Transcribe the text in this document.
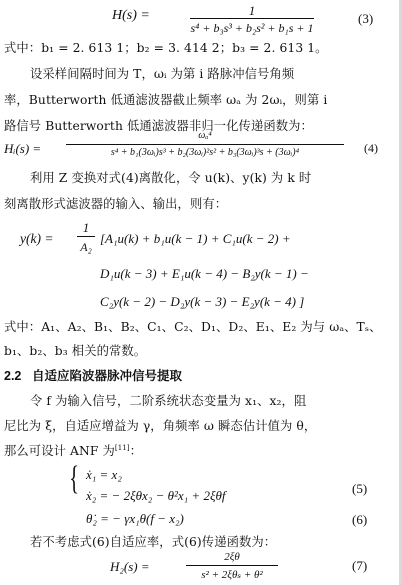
H(s) =	1
s⁴ + b₃s³ + b₂s² + b₁s + 1
(3)
式中：b₁ = 2. 613 1；b₂ = 3. 414 2；b₃ = 2. 613 1。
设采样间隔时间为 T，ωᵢ 为第 i 路脉冲信号角频
率，Butterworth 低通滤波器截止频率 ωₐ 为 2ωᵢ，则第 i
路信号 Butterworth 低通滤波器非归一化传递函数为：
Hᵢ(s) =
ωₐ⁴
s⁴ + b₁(3ωᵢ)s³ + b₂(3ωᵢ)²s² + b₃(3ωᵢ)³s + (3ωᵢ)⁴	(4)
利用 Z 变换对式(4)离散化，令 u(k)、y(k) 为 k 时
刻离散形式滤波器的输入、输出，则有：
y(k) =
1
A₂
[A₁u(k) + b₁u(k − 1) + C₁u(k − 2) +
D₁u(k − 3) + E₁u(k − 4) − B₂y(k − 1) −
C₂y(k − 2) − D₂y(k − 3) − E₂y(k − 4) ]
式中：A₁、A₂、B₁、B₂、C₁、C₂、D₁、D₂、E₁、E₂ 为与 ωₐ、Tₛ、
b₁、b₂、b₃ 相关的常数。
2.2 自适应陷波器脉冲信号提取
令 f 为输入信号，二阶系统状态变量为 x₁、x₂，阻
尼比为 ξ，自适应增益为 γ，角频率 ω 瞬态估计值为 θ，
那么可设计 ANF 为[11]：
{ ẋ₁ = x₂
ẋ₂ = − 2ξθx₂ − θ²x₁ + 2ξθf	(5)
θ̇₂ = − γx₁θ(f − x₂)	(6)
若不考虑式(6)自适应率，式(6)传递函数为：
H₂(s) =
2ξθ
s² + 2ξθₛ + θ²
(7)
令 Butterworth 数字滤波器滤波后周期脉冲基波信
号为 y(k) = Asin(ωkt, + φ)，则离散化 ANF 为：
